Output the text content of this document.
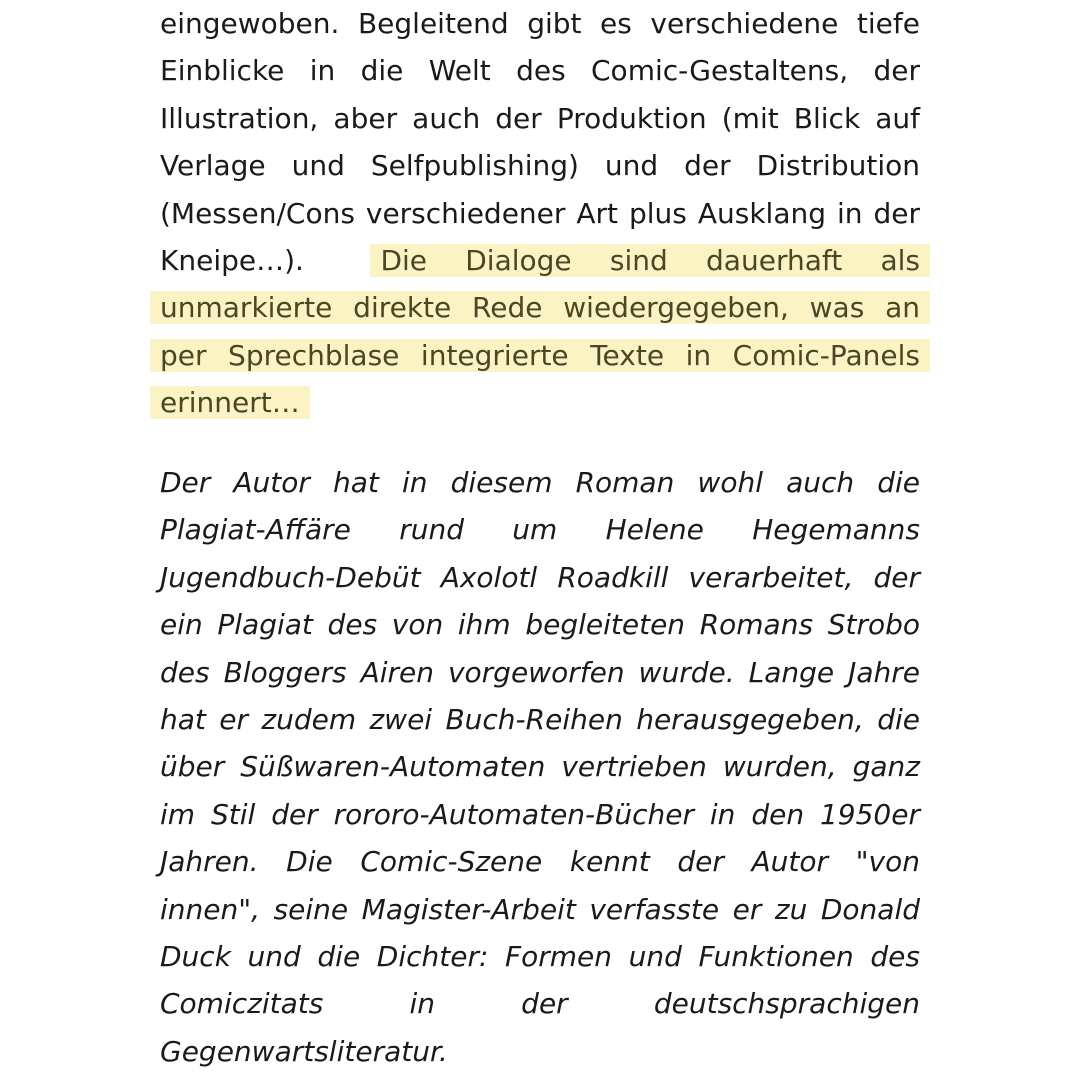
eingewoben. Begleitend gibt es verschiedene tiefe Einblicke in die Welt des Comic-Gestaltens, der Illustration, aber auch der Produktion (mit Blick auf Verlage und Selfpublishing) und der Distribution (Messen/Cons verschiedener Art plus Ausklang in der Kneipe…).	Die Dialoge sind dauerhaft als unmarkierte direkte Rede wiedergegeben, was an per Sprechblase integrierte Texte in Comic-Panels erinnert…

Der Autor hat in diesem Roman wohl auch die Plagiat-Affäre rund um Helene Hegemanns Jugendbuch-Debüt Axolotl Roadkill verarbeitet, der ein Plagiat des von ihm begleiteten Romans Strobo des Bloggers Airen vorgeworfen wurde. Lange Jahre hat er zudem zwei Buch-Reihen herausgegeben, die über Süßwaren-Automaten vertrieben wurden, ganz im Stil der rororo-Automaten-Bücher in den 1950er Jahren. Die Comic-Szene kennt der Autor "von innen", seine Magister-Arbeit verfasste er zu Donald Duck und die Dichter: Formen und Funktionen des Comiczitats in der deutschsprachigen Gegenwartsliteratur.
